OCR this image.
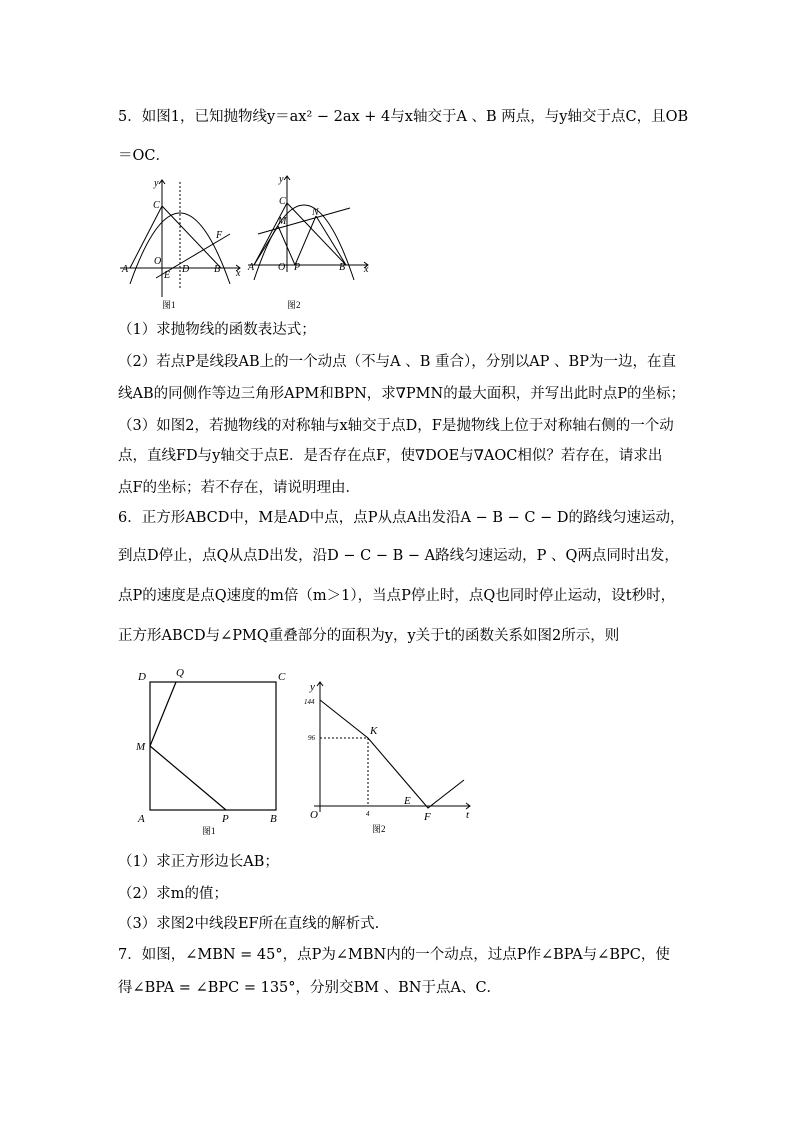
5．如图1，已知抛物线y＝ax² − 2ax + 4与x轴交于A 、B 两点，与y轴交于点C，且OB
＝OC．
y
x
C
F
A
O
E
D B
图1
y
x
C
M
N
A O P	B
图2
（1）求抛物线的函数表达式；
（2）若点P是线段AB上的一个动点（不与A 、B 重合），分别以AP 、BP为一边，在直
线AB的同侧作等边三角形APM和BPN，求∇PMN的最大面积，并写出此时点P的坐标；
（3）如图2，若抛物线的对称轴与x轴交于点D，F是抛物线上位于对称轴右侧的一个动
点，直线FD与y轴交于点E．是否存在点F，使∇DOE与∇AOC相似？若存在，请求出
点F的坐标；若不存在，请说明理由．
6．正方形ABCD中，M是AD中点，点P从点A出发沿A − B − C − D的路线匀速运动，
到点D停止，点Q从点D出发，沿D − C − B − A路线匀速运动，P 、Q两点同时出发，
点P的速度是点Q速度的m倍（m＞1），当点P停止时，点Q也同时停止运动，设t秒时，
正方形ABCD与∠PMQ重叠部分的面积为y，y关于t的函数关系如图2所示，则
D	Q	C
M
A	P	B
图1
y
144
96
K
O	4
E
F	t
图2
（1）求正方形边长AB；
（2）求m的值；
（3）求图2中线段EF所在直线的解析式.
7．如图，∠MBN = 45°，点P为∠MBN内的一个动点，过点P作∠BPA与∠BPC，使
得∠BPA = ∠BPC = 135°，分别交BM 、BN于点A、C．
